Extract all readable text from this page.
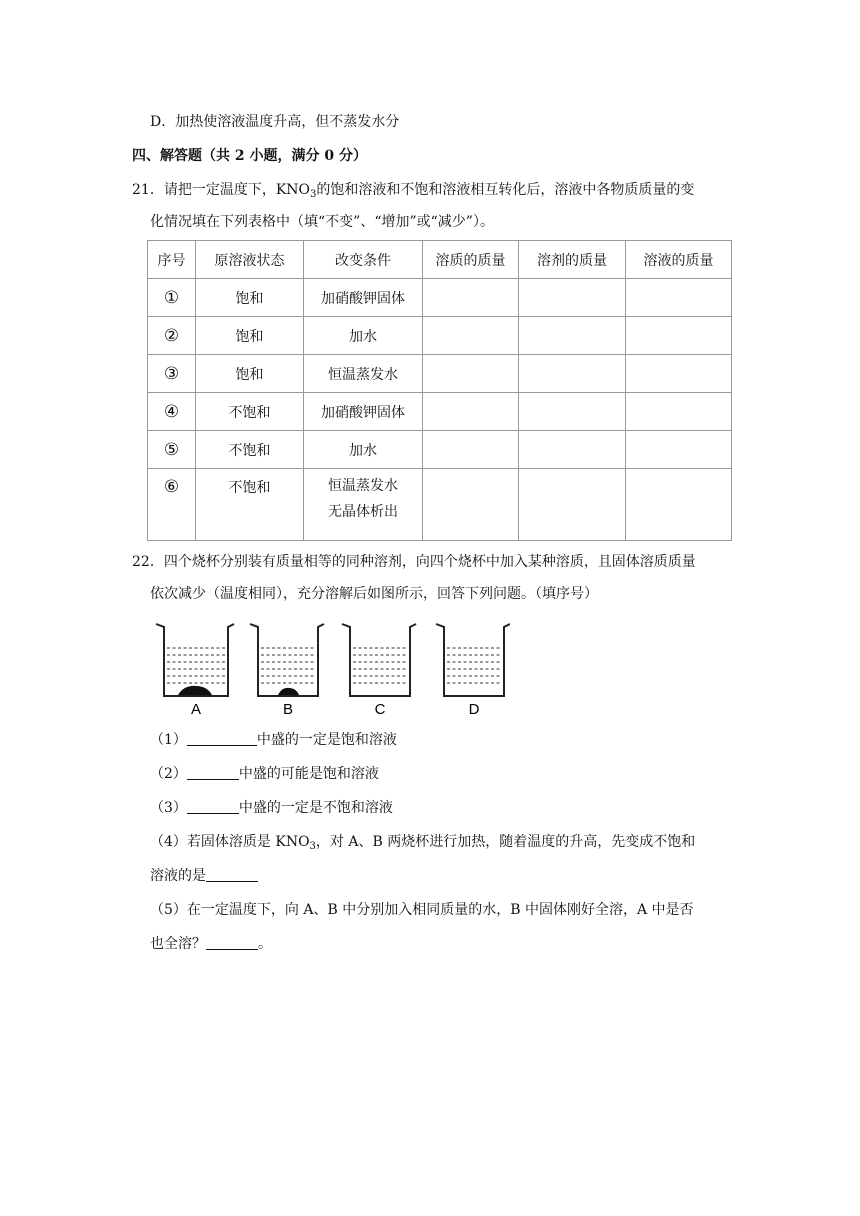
D．加热使溶液温度升高，但不蒸发水分
四、解答题（共 2 小题，满分 0 分）
21．请把一定温度下，$KNO_3$的饱和溶液和不饱和溶液相互转化后，溶液中各物质质量的变
化情况填在下列表格中（填“不变”、“增加”或“减少”）。
序号	原溶液状态	改变条件	溶质的质量	溶剂的质量	溶液的质量
①	饱和	加硝酸钾固体			
②	饱和	加水			
③	饱和	恒温蒸发水			
④	不饱和	加硝酸钾固体			
⑤	不饱和	加水			
⑥	不饱和	恒温蒸发水
无晶体析出			

22．四个烧杯分别装有质量相等的同种溶剂，向四个烧杯中加入某种溶质，且固体溶质质量
依次减少（温度相同），充分溶解后如图所示，回答下列问题。（填序号）
A	B	C	D
（1）	中盛的一定是饱和溶液
（2）	中盛的可能是饱和溶液
（3）	中盛的一定是不饱和溶液
（4）若固体溶质是 $KNO_3$，对 A、B 两烧杯进行加热，随着温度的升高，先变成不饱和
溶液的是
（5）在一定温度下，向 A、B 中分别加入相同质量的水，B 中固体刚好全溶，A 中是否
也全溶？	。
